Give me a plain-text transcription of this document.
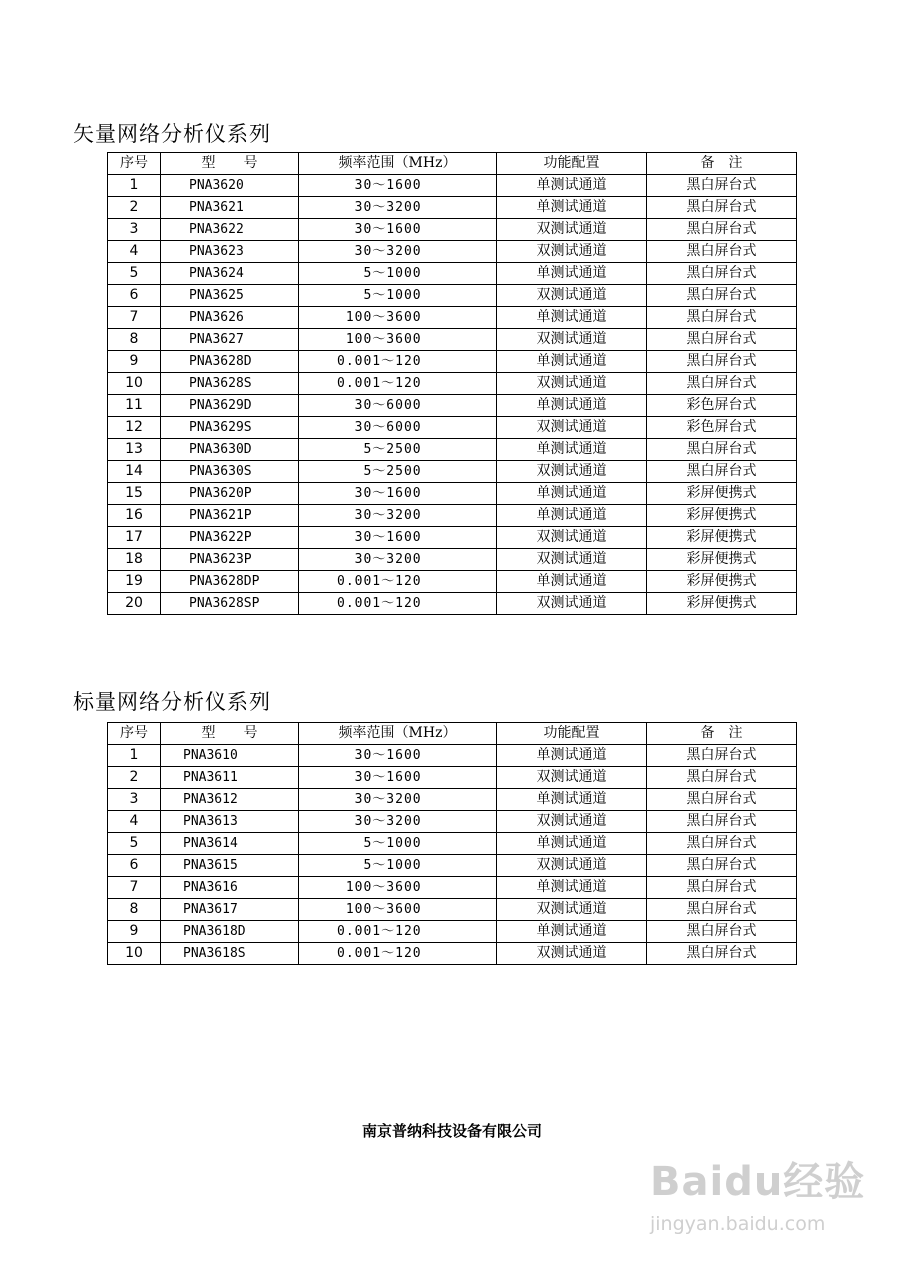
矢量网络分析仪系列
序号	型　　号	频率范围（MHz）	功能配置	备　注
1	PNA3620	30～1600	单测试通道	黑白屏台式
2	PNA3621	30～3200	单测试通道	黑白屏台式
3	PNA3622	30～1600	双测试通道	黑白屏台式
4	PNA3623	30～3200	双测试通道	黑白屏台式
5	PNA3624	5～1000	单测试通道	黑白屏台式
6	PNA3625	5～1000	双测试通道	黑白屏台式
7	PNA3626	100～3600	单测试通道	黑白屏台式
8	PNA3627	100～3600	双测试通道	黑白屏台式
9	PNA3628D	0.001～120	单测试通道	黑白屏台式
10	PNA3628S	0.001～120	双测试通道	黑白屏台式
11	PNA3629D	30～6000	单测试通道	彩色屏台式
12	PNA3629S	30～6000	双测试通道	彩色屏台式
13	PNA3630D	5～2500	单测试通道	黑白屏台式
14	PNA3630S	5～2500	双测试通道	黑白屏台式
15	PNA3620P	30～1600	单测试通道	彩屏便携式
16	PNA3621P	30～3200	单测试通道	彩屏便携式
17	PNA3622P	30～1600	双测试通道	彩屏便携式
18	PNA3623P	30～3200	双测试通道	彩屏便携式
19	PNA3628DP	0.001～120	单测试通道	彩屏便携式
20	PNA3628SP	0.001～120	双测试通道	彩屏便携式
标量网络分析仪系列
序号	型　　号	频率范围（MHz）	功能配置	备　注
1	PNA3610	30～1600	单测试通道	黑白屏台式
2	PNA3611	30～1600	双测试通道	黑白屏台式
3	PNA3612	30～3200	单测试通道	黑白屏台式
4	PNA3613	30～3200	双测试通道	黑白屏台式
5	PNA3614	5～1000	单测试通道	黑白屏台式
6	PNA3615	5～1000	双测试通道	黑白屏台式
7	PNA3616	100～3600	单测试通道	黑白屏台式
8	PNA3617	100～3600	双测试通道	黑白屏台式
9	PNA3618D	0.001～120	单测试通道	黑白屏台式
10	PNA3618S	0.001～120	双测试通道	黑白屏台式
南京普纳科技设备有限公司
Baidu经验
jingyan.baidu.com
